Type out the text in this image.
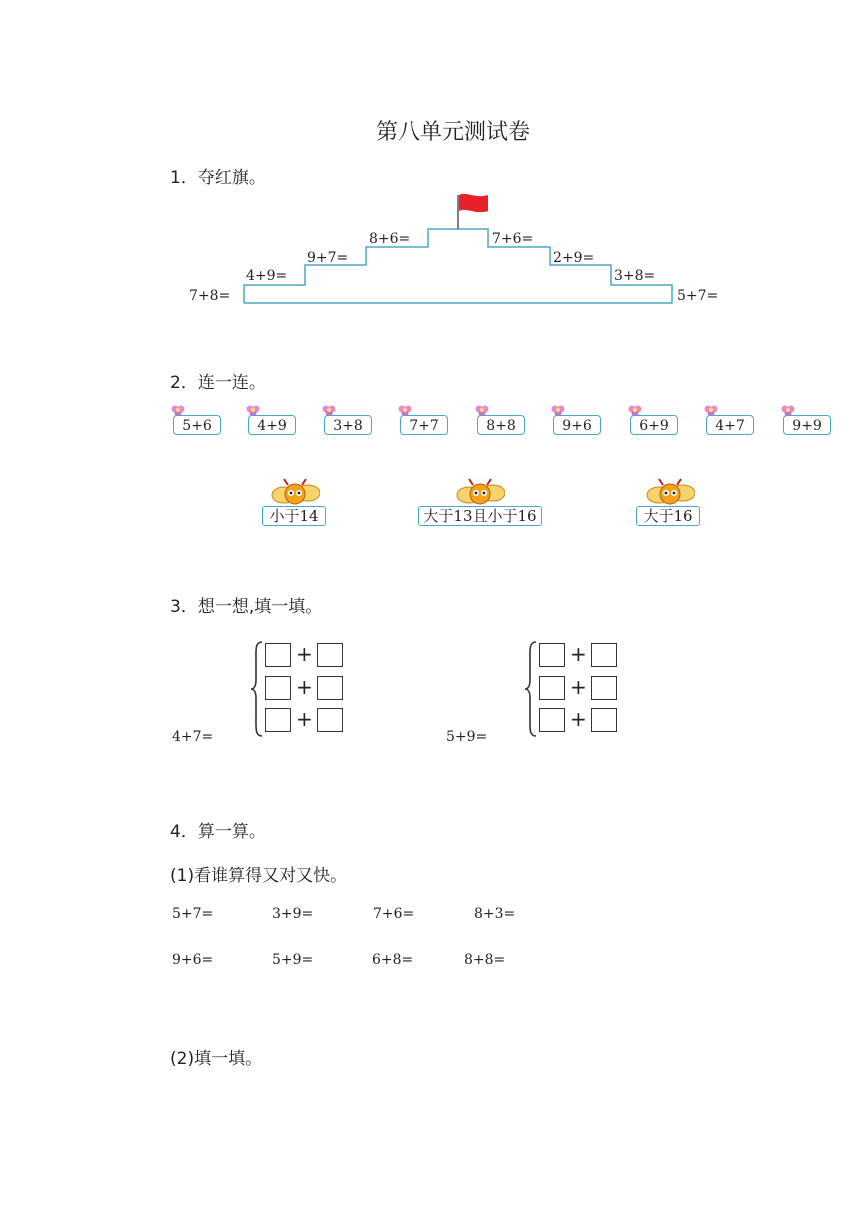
第八单元测试卷
1．夺红旗。
7+8=
4+9=
9+7=
8+6=	7+6=
2+9=
3+8=
5+7=
2．连一连。
5+6	4+9	3+8	7+7	8+8	9+6	6+9	4+7	9+9
小于14	大于13且小于16	大于16
3．想一想,填一填。
4+7=
+
+
+
5+9=
+
+
+
4．算一算。
(1)看谁算得又对又快。
5+7=	3+9=	7+6=	8+3=
9+6=	5+9=	6+8=	8+8=
(2)填一填。
